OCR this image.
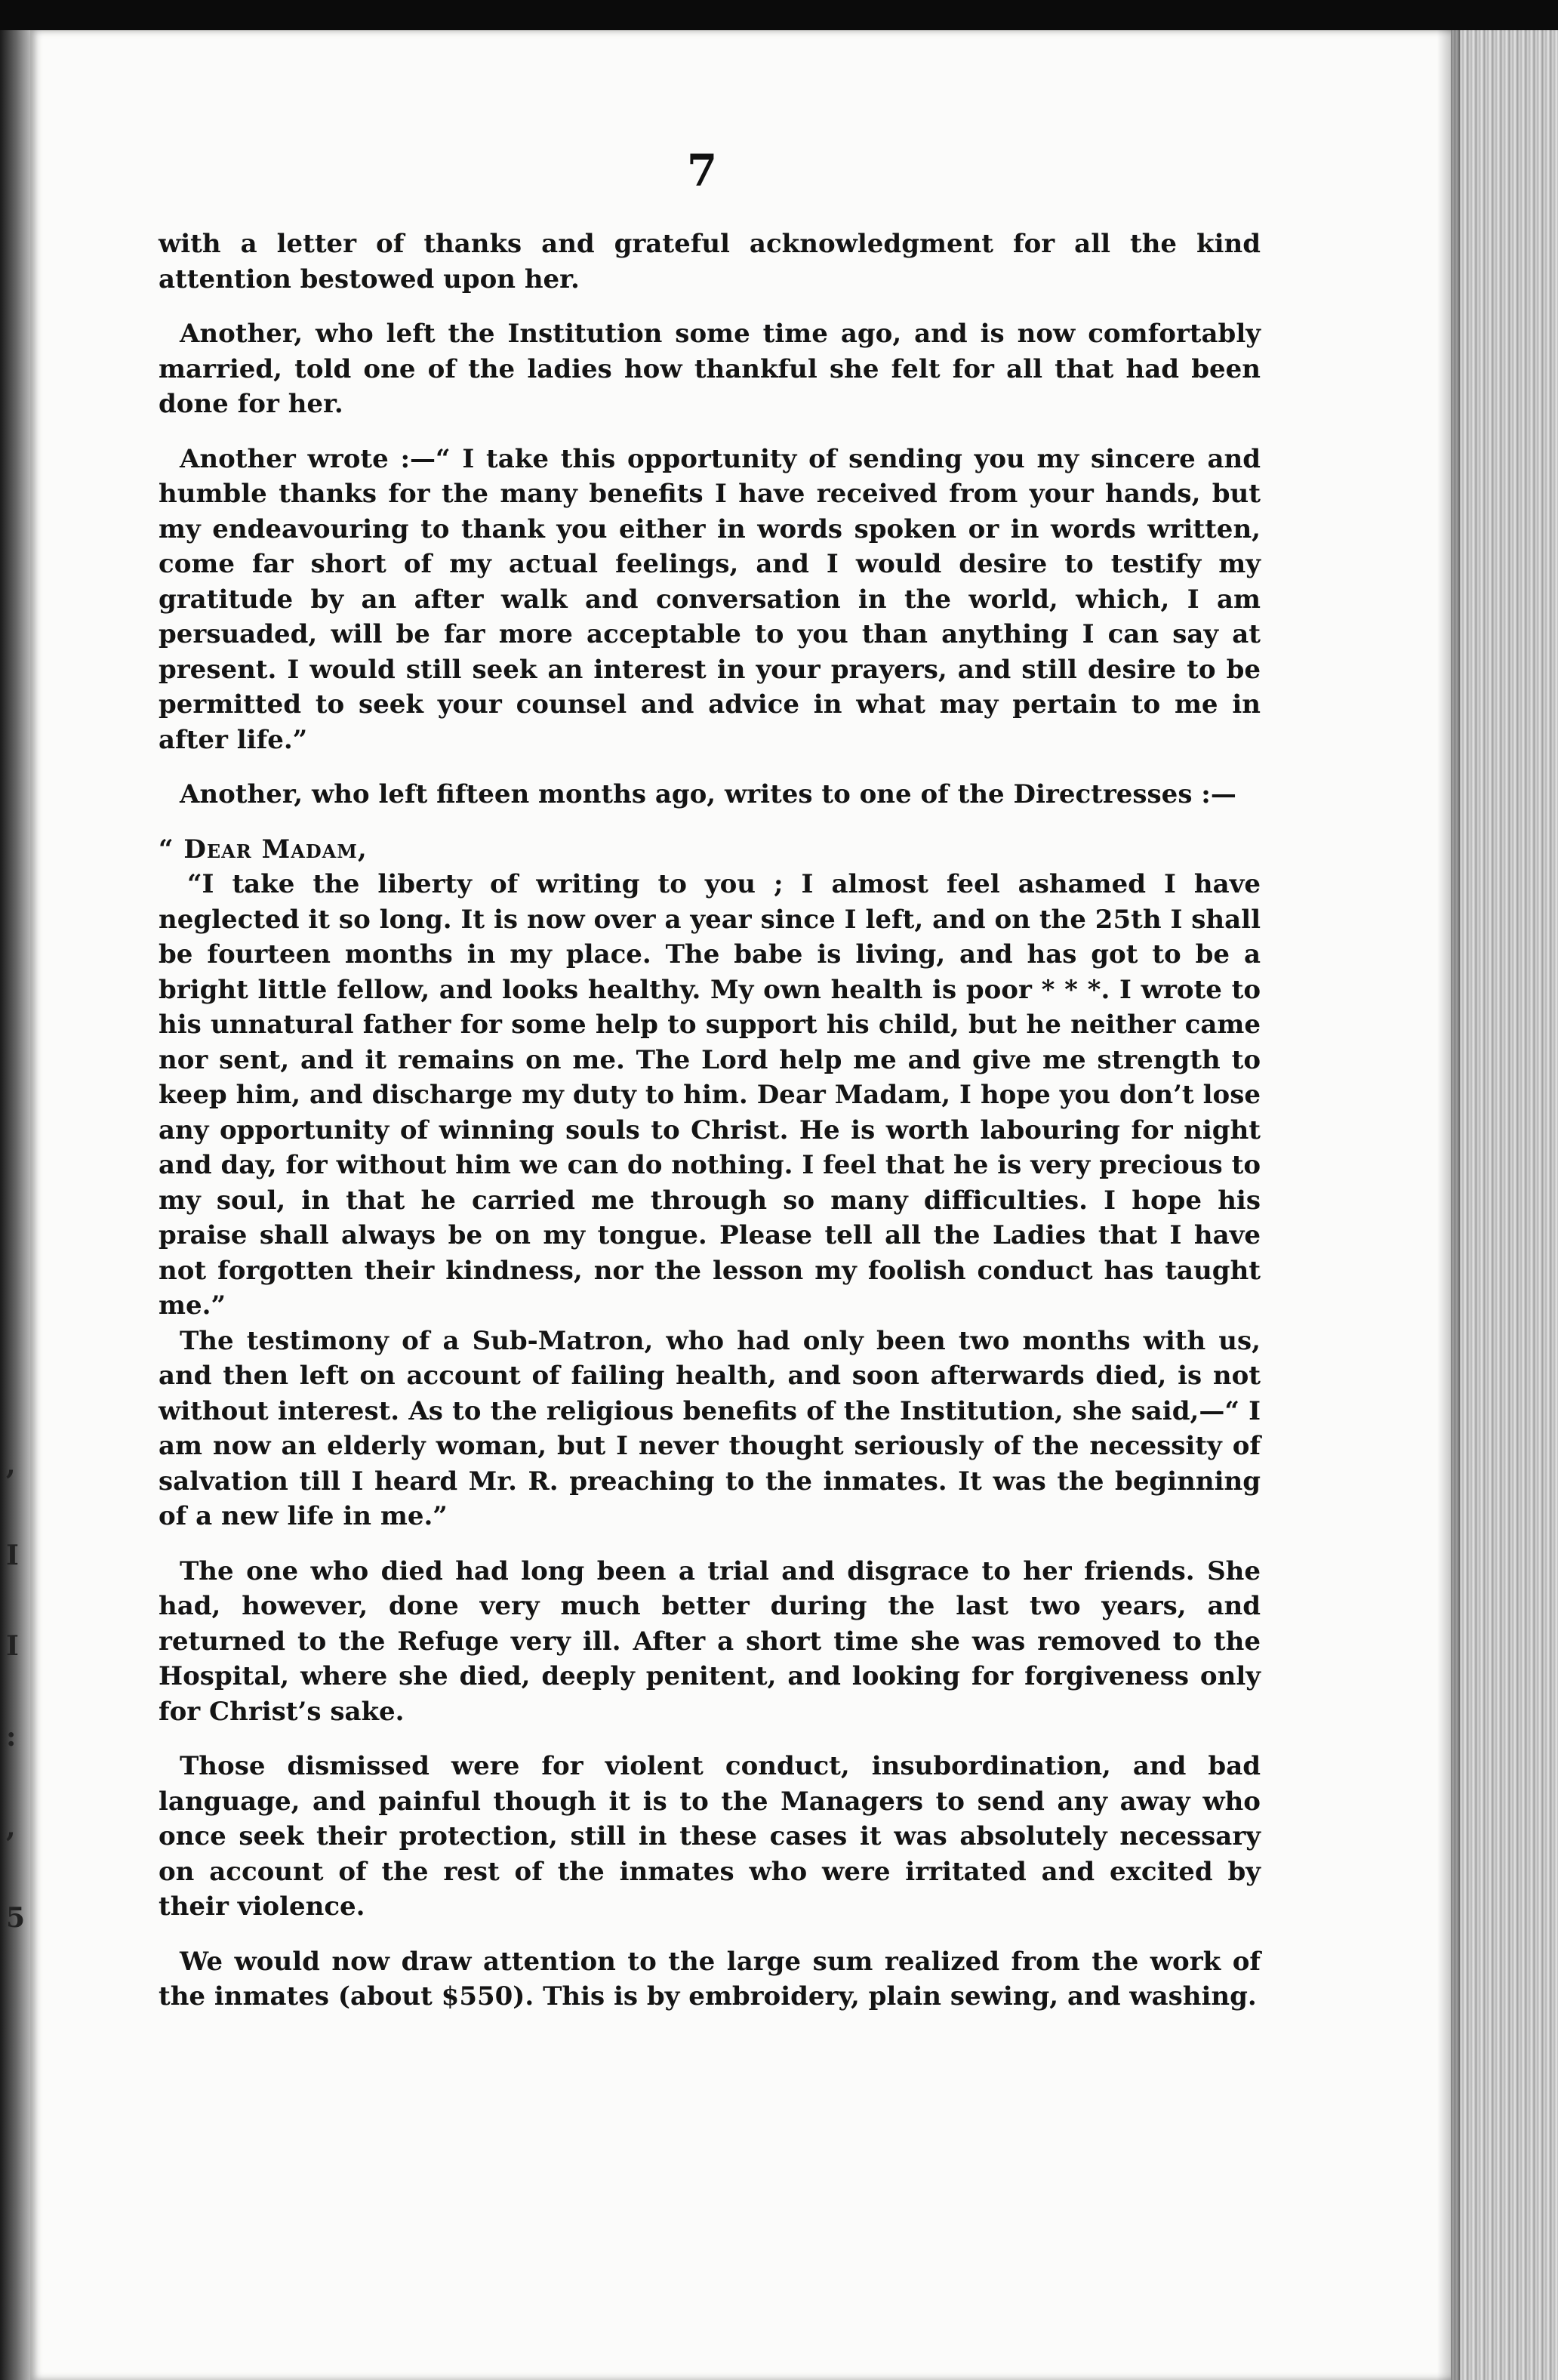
,
I
I
:
,
5
7

with a letter of thanks and grateful acknowledgment for all the kind attention bestowed upon her.

Another, who left the Institution some time ago, and is now comfortably married, told one of the ladies how thankful she felt for all that had been done for her.

Another wrote :—“ I take this opportunity of sending you my sincere and humble thanks for the many benefits I have received from your hands, but my endeavouring to thank you either in words spoken or in words written, come far short of my actual feelings, and I would desire to testify my gratitude by an after walk and conversation in the world, which, I am persuaded, will be far more acceptable to you than anything I can say at present. I would still seek an interest in your prayers, and still desire to be permitted to seek your counsel and advice in what may pertain to me in after life.”

Another, who left fifteen months ago, writes to one of the Directresses :—

“ Dear Madam,

“I take the liberty of writing to you ; I almost feel ashamed I have neglected it so long. It is now over a year since I left, and on the 25th I shall be fourteen months in my place. The babe is living, and has got to be a bright little fellow, and looks healthy. My own health is poor * * *. I wrote to his unnatural father for some help to support his child, but he neither came nor sent, and it remains on me. The Lord help me and give me strength to keep him, and discharge my duty to him. Dear Madam, I hope you don’t lose any opportunity of winning souls to Christ. He is worth labouring for night and day, for without him we can do nothing. I feel that he is very precious to my soul, in that he carried me through so many difficulties. I hope his praise shall always be on my tongue. Please tell all the Ladies that I have not forgotten their kindness, nor the lesson my foolish conduct has taught me.”

The testimony of a Sub-Matron, who had only been two months with us, and then left on account of failing health, and soon afterwards died, is not without interest. As to the religious benefits of the Institution, she said,—“ I am now an elderly woman, but I never thought seriously of the necessity of salvation till I heard Mr. R. preaching to the inmates. It was the beginning of a new life in me.”

The one who died had long been a trial and disgrace to her friends. She had, however, done very much better during the last two years, and returned to the Refuge very ill. After a short time she was removed to the Hospital, where she died, deeply penitent, and looking for forgiveness only for Christ’s sake.

Those dismissed were for violent conduct, insubordination, and bad language, and painful though it is to the Managers to send any away who once seek their protection, still in these cases it was absolutely necessary on account of the rest of the inmates who were irritated and excited by their violence.

We would now draw attention to the large sum realized from the work of the inmates (about $550). This is by embroidery, plain sewing, and washing.
